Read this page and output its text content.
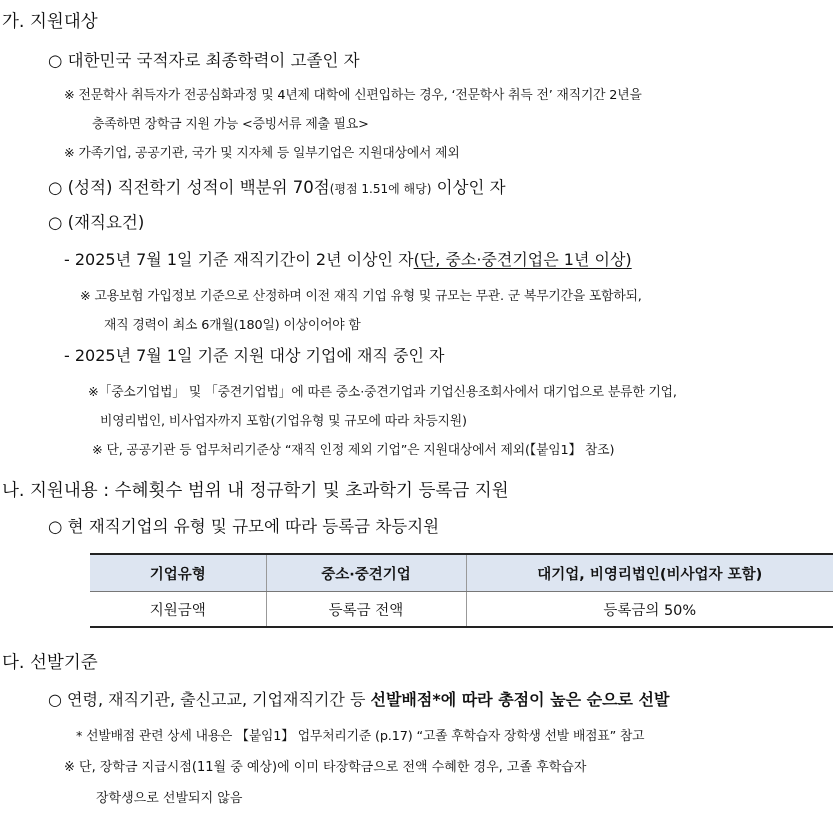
가. 지원대상
○ 대한민국 국적자로 최종학력이 고졸인 자
※ 전문학사 취득자가 전공심화과정 및 4년제 대학에 신편입하는 경우, ‘전문학사 취득 전’ 재직기간 2년을
충족하면 장학금 지원 가능 <증빙서류 제출 필요>
※ 가족기업, 공공기관, 국가 및 지자체 등 일부기업은 지원대상에서 제외
○ (성적) 직전학기 성적이 백분위 70점(평점 1.51에 해당) 이상인 자
○ (재직요건)
- 2025년 7월 1일 기준 재직기간이 2년 이상인 자(단, 중소·중견기업은 1년 이상)
※ 고용보험 가입정보 기준으로 산정하며 이전 재직 기업 유형 및 규모는 무관. 군 복무기간을 포함하되,
재직 경력이 최소 6개월(180일) 이상이어야 함
- 2025년 7월 1일 기준 지원 대상 기업에 재직 중인 자
※「중소기업법」 및 「중견기업법」에 따른 중소·중견기업과 기업신용조회사에서 대기업으로 분류한 기업,
비영리법인, 비사업자까지 포함(기업유형 및 규모에 따라 차등지원)
※ 단, 공공기관 등 업무처리기준상 “재직 인정 제외 기업”은 지원대상에서 제외(【붙임1】 참조)
나. 지원내용 : 수혜횟수 범위 내 정규학기 및 초과학기 등록금 지원
○ 현 재직기업의 유형 및 규모에 따라 등록금 차등지원
기업유형	중소·중견기업	대기업, 비영리법인(비사업자 포함)
지원금액	등록금 전액	등록금의 50%
다. 선발기준
○ 연령, 재직기관, 출신고교, 기업재직기간 등 선발배점*에 따라 총점이 높은 순으로 선발
* 선발배점 관련 상세 내용은 【붙임1】 업무처리기준 (p.17) “고졸 후학습자 장학생 선발 배점표” 참고
※ 단, 장학금 지급시점(11월 중 예상)에 이미 타장학금으로 전액 수혜한 경우, 고졸 후학습자
장학생으로 선발되지 않음
